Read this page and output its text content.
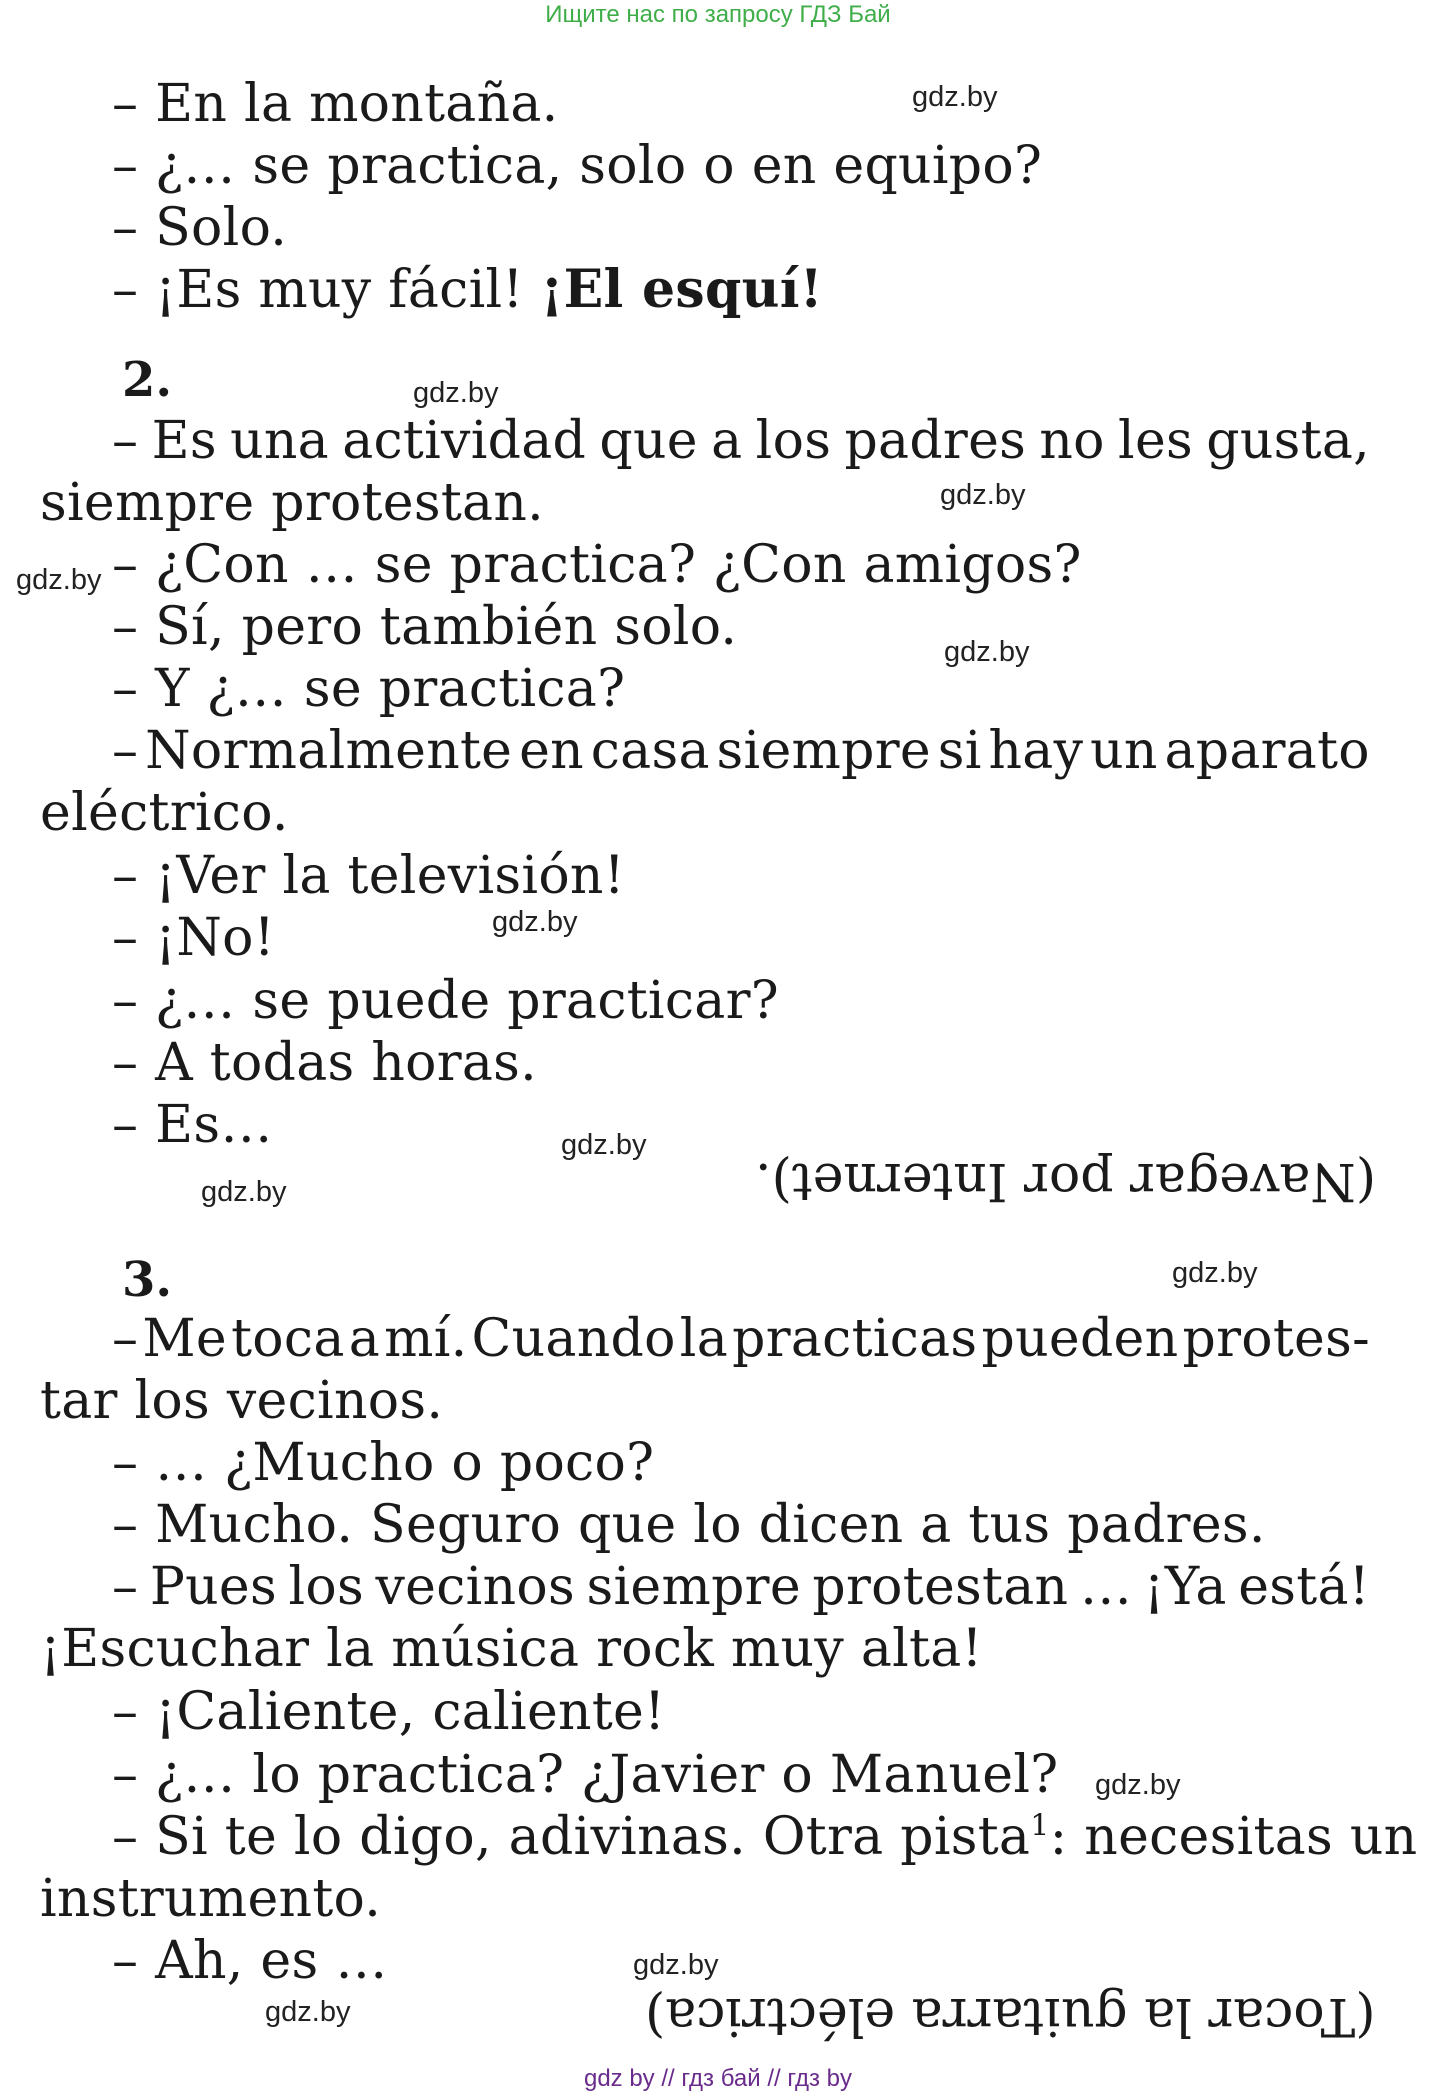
Ищите нас по запросу ГДЗ Бай
– En la montaña.
– ¿… se practica, solo o en equipo?
– Solo.
– ¡Es muy fácil! ¡El esquí!
2.
– Es una actividad que a los padres no les gusta,
siempre protestan.
– ¿Con … se practica? ¿Con amigos?
– Sí, pero también solo.
– Y ¿… se practica?
– Normalmente en casa siempre si hay un aparato
eléctrico.
– ¡Ver la televisión!
– ¡No!
– ¿… se puede practicar?
– A todas horas.
– Es…
(Navegar por Internet).
3.
– Me toca a mí. Cuando la practicas pueden protes-
tar los vecinos.
– … ¿Mucho o poco?
– Mucho. Seguro que lo dicen a tus padres.
– Pues los vecinos siempre protestan … ¡Ya está!
¡Escuchar la música rock muy alta!
– ¡Caliente, caliente!
– ¿… lo practica? ¿Javier o Manuel?
– Si te lo digo, adivinas. Otra pista$^1$: necesitas un
instrumento.
– Ah, es …
(Tocar la guitarra eléctrica)
gdz.by
gdz.by
gdz.by
gdz.by
gdz.by
gdz.by
gdz.by
gdz.by
gdz.by
gdz.by
gdz.by
gdz.by
gdz by // гдз бай // гдз by
